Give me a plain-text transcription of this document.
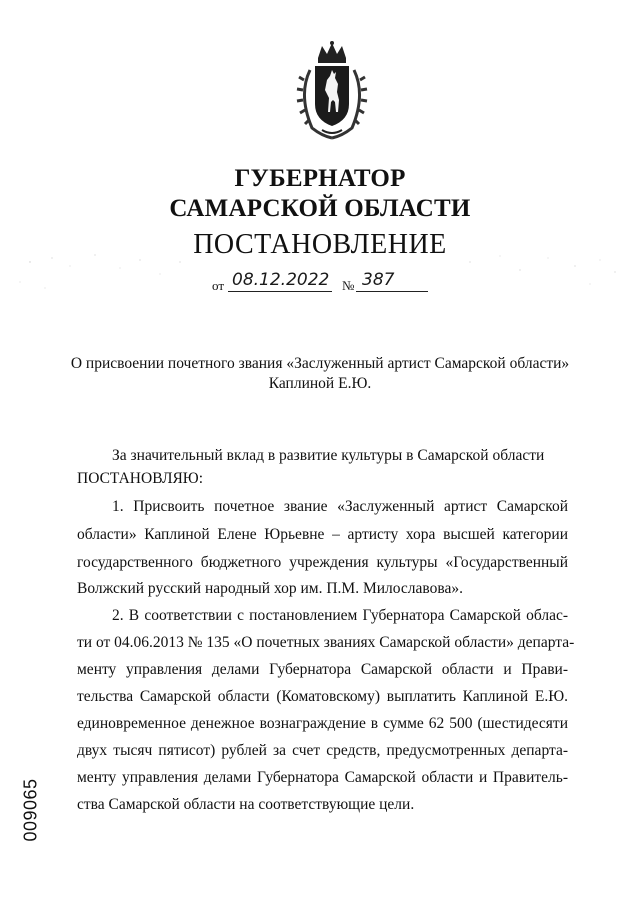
ГУБЕРНАТОР
САМАРСКОЙ ОБЛАСТИ
ПОСТАНОВЛЕНИЕ
от 08.12.2022 № 387
О присвоении почетного звания «Заслуженный артист Самарской области»
Каплиной Е.Ю.
За значительный вклад в развитие культуры в Самарской области
ПОСТАНОВЛЯЮ:
1. Присвоить почетное звание «Заслуженный артист Самарской
области» Каплиной Елене Юрьевне – артисту хора высшей категории
государственного бюджетного учреждения культуры «Государственный
Волжский русский народный хор им. П.М. Милославова».
2. В соответствии с постановлением Губернатора Самарской облас-
ти от 04.06.2013 № 135 «О почетных званиях Самарской области» департа-
менту управления делами Губернатора Самарской области и Прави-
тельства Самарской области (Коматовскому) выплатить Каплиной Е.Ю.
единовременное денежное вознаграждение в сумме 62 500 (шестидесяти
двух тысяч пятисот) рублей за счет средств, предусмотренных департа-
менту управления делами Губернатора Самарской области и Правитель-
ства Самарской области на соответствующие цели.
009065
